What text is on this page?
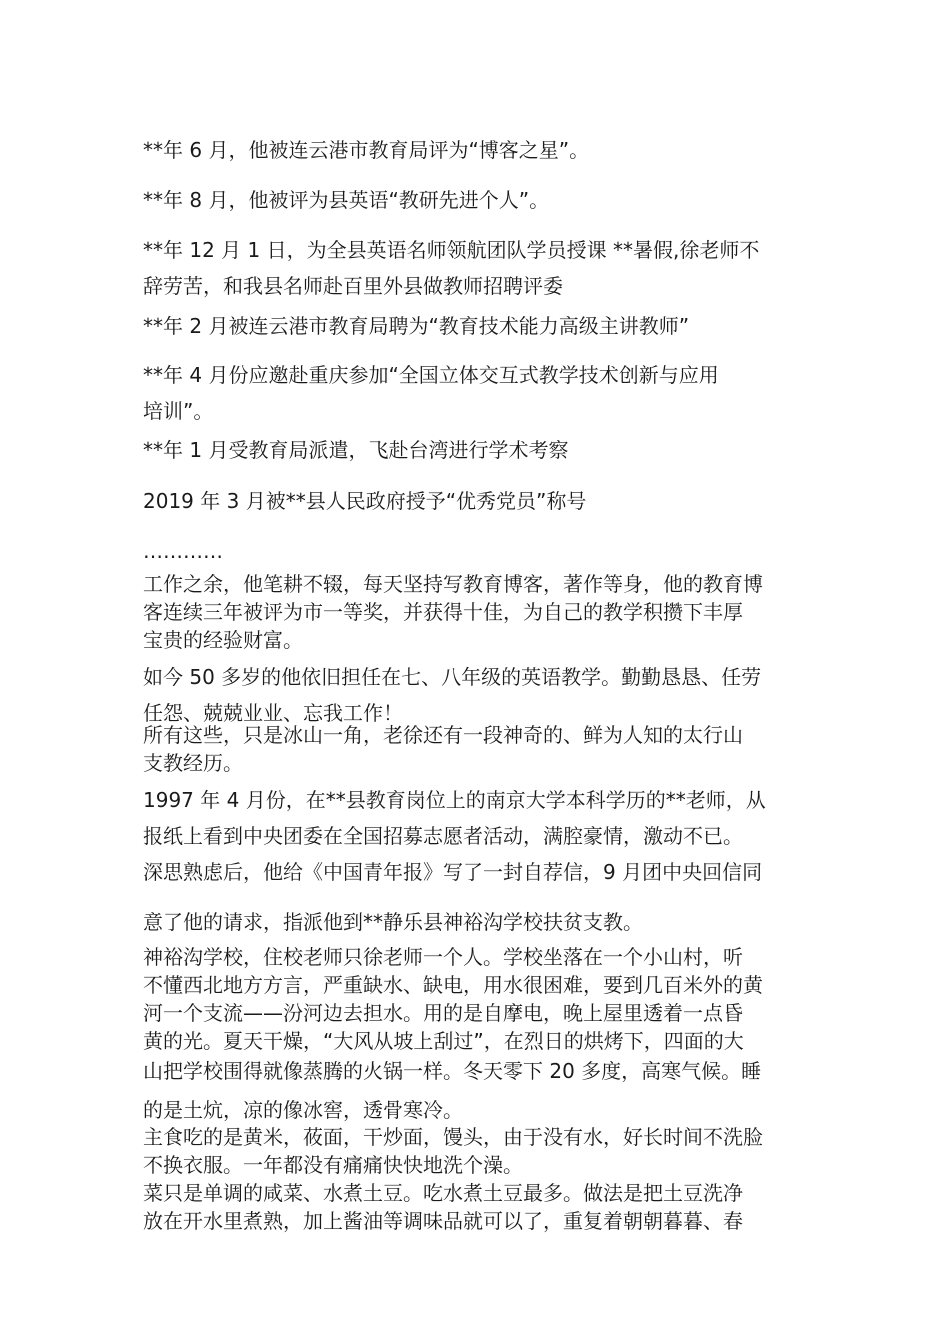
**年 6 月，他被连云港市教育局评为“博客之星”。
**年 8 月，他被评为县英语“教研先进个人”。
**年 12 月 1 日，为全县英语名师领航团队学员授课 **暑假,徐老师不
辞劳苦，和我县名师赴百里外县做教师招聘评委
**年 2 月被连云港市教育局聘为“教育技术能力高级主讲教师”
**年 4 月份应邀赴重庆参加“全国立体交互式教学技术创新与应用
培训”。
**年 1 月受教育局派遣，飞赴台湾进行学术考察
2019 年 3 月被**县人民政府授予“优秀党员”称号
…………
工作之余，他笔耕不辍，每天坚持写教育博客，著作等身，他的教育博
客连续三年被评为市一等奖，并获得十佳，为自己的教学积攒下丰厚
宝贵的经验财富。
如今 50 多岁的他依旧担任在七、八年级的英语教学。勤勤恳恳、任劳
任怨、兢兢业业、忘我工作！
所有这些，只是冰山一角，老徐还有一段神奇的、鲜为人知的太行山
支教经历。
1997 年 4 月份，在**县教育岗位上的南京大学本科学历的**老师，从
报纸上看到中央团委在全国招募志愿者活动，满腔豪情，激动不已。
深思熟虑后，他给《中国青年报》写了一封自荐信，9 月团中央回信同
意了他的请求，指派他到**静乐县神裕沟学校扶贫支教。
神裕沟学校，住校老师只徐老师一个人。学校坐落在一个小山村，听
不懂西北地方方言，严重缺水、缺电，用水很困难，要到几百米外的黄
河一个支流——汾河边去担水。用的是自摩电，晚上屋里透着一点昏
黄的光。夏天干燥，“大风从坡上刮过”，在烈日的烘烤下，四面的大
山把学校围得就像蒸腾的火锅一样。冬天零下 20 多度，高寒气候。睡
的是土炕，凉的像冰窖，透骨寒冷。
主食吃的是黄米，莜面，干炒面，馒头，由于没有水，好长时间不洗脸
不换衣服。一年都没有痛痛快快地洗个澡。
菜只是单调的咸菜、水煮土豆。吃水煮土豆最多。做法是把土豆洗净
放在开水里煮熟，加上酱油等调味品就可以了，重复着朝朝暮暮、春
